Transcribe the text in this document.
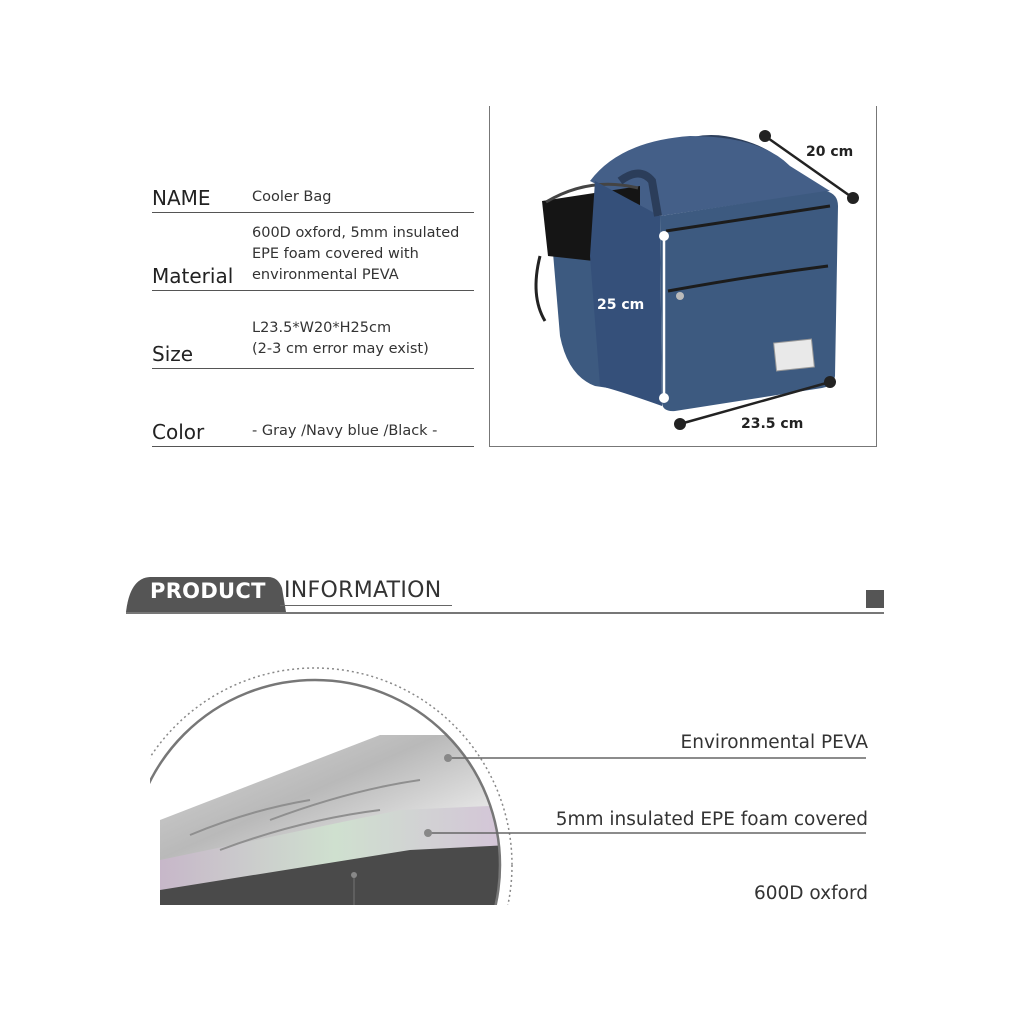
NAME	Cooler Bag
Material
600D oxford, 5mm insulated
EPE foam covered with
environmental PEVA
Size
L23.5*W20*H25cm
(2-3 cm error may exist)
Color	- Gray /Navy blue /Black -
20 cm
25 cm
23.5 cm
PRODUCT INFORMATION
Environmental PEVA
5mm insulated EPE foam covered
600D oxford
